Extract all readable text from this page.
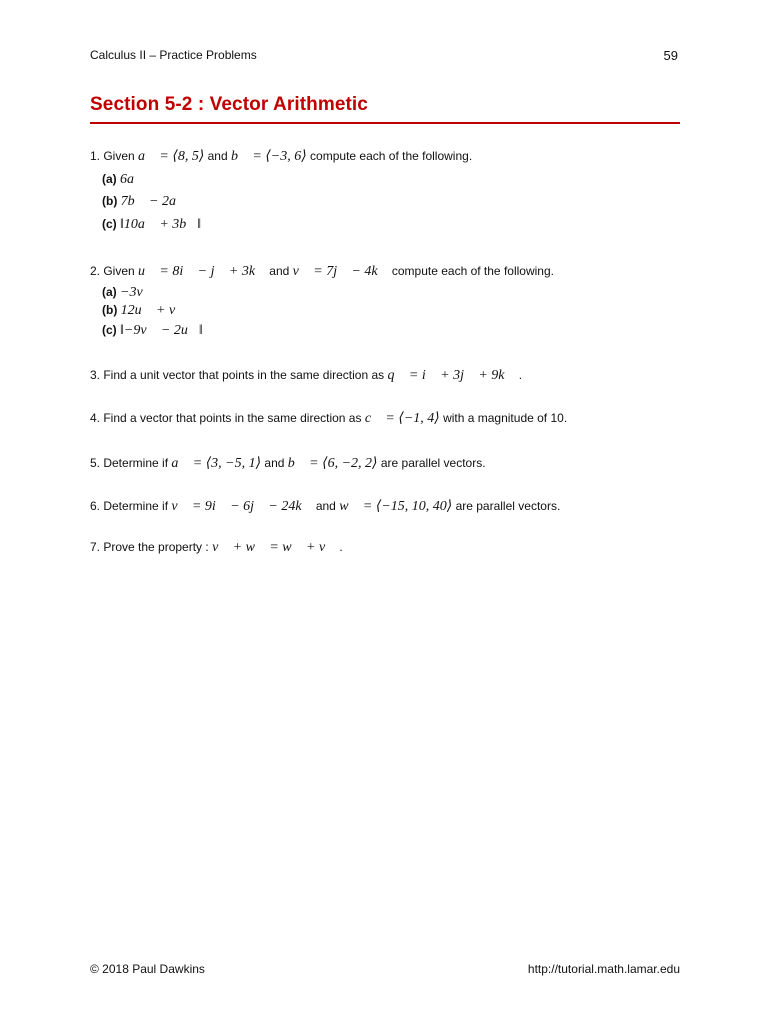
Calculus II – Practice Problems	59
Section 5-2 : Vector Arithmetic
1. Given a⃗ = ⟨8, 5⟩ and b⃗ = ⟨−3, 6⟩ compute each of the following.
(a) 6a⃗
(b) 7b⃗ − 2a⃗
(c) ‖10a⃗ + 3b⃗‖
2. Given u⃗ = 8i⃗ − j⃗ + 3k⃗ and v⃗ = 7j⃗ − 4k⃗ compute each of the following.
(a) −3v⃗
(b) 12u⃗ + v⃗
(c) ‖−9v⃗ − 2u⃗‖
3. Find a unit vector that points in the same direction as q⃗ = i⃗ + 3j⃗ + 9k⃗ .
4. Find a vector that points in the same direction as c⃗ = ⟨−1, 4⟩ with a magnitude of 10.
5. Determine if a⃗ = ⟨3, −5, 1⟩ and b⃗ = ⟨6, −2, 2⟩ are parallel vectors.
6. Determine if v⃗ = 9i⃗ − 6j⃗ − 24k⃗ and w⃗ = ⟨−15, 10, 40⟩ are parallel vectors.
7. Prove the property : v⃗ + w⃗ = w⃗ + v⃗ .
© 2018 Paul Dawkins	http://tutorial.math.lamar.edu
